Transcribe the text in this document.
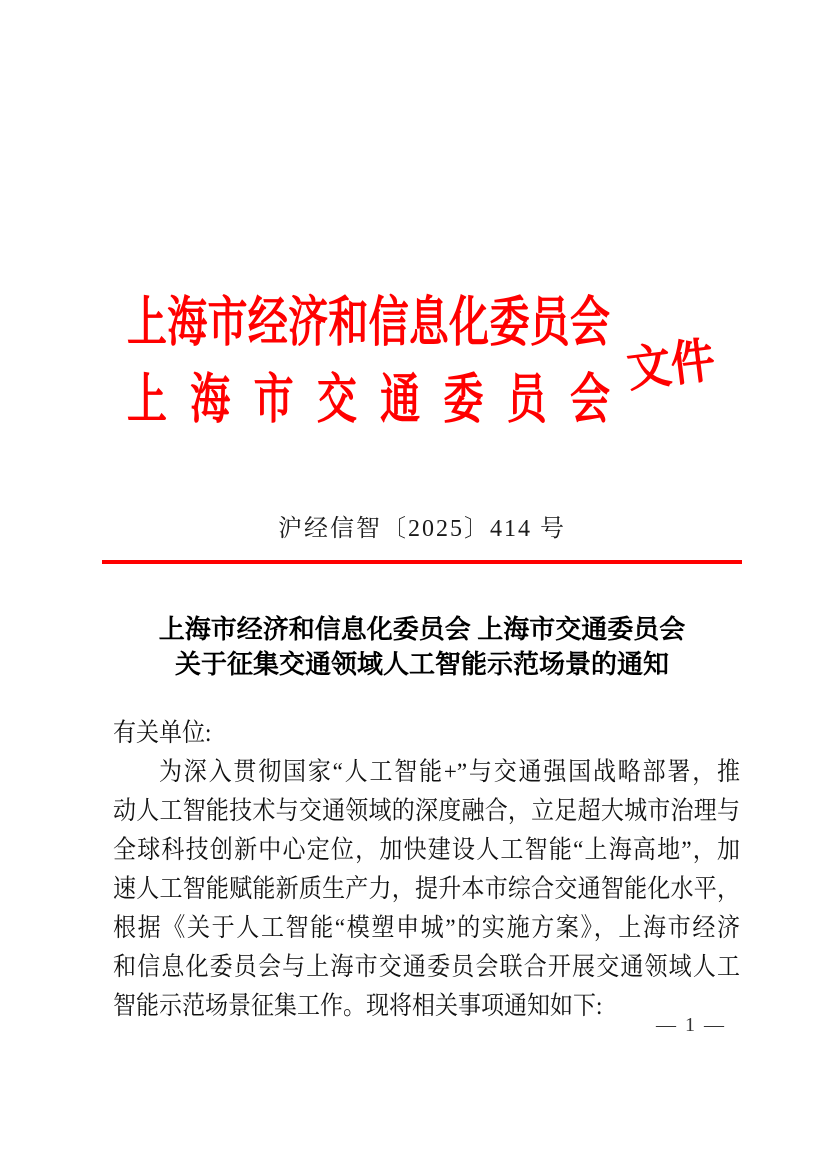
上海市经济和信息化委员会
上海市交通委员会
文件
沪经信智〔2025〕414 号
上海市经济和信息化委员会 上海市交通委员会
关于征集交通领域人工智能示范场景的通知
有关单位:
为深入贯彻国家“人工智能+”与交通强国战略部署，推
动人工智能技术与交通领域的深度融合，立足超大城市治理与
全球科技创新中心定位，加快建设人工智能“上海高地”，加
速人工智能赋能新质生产力，提升本市综合交通智能化水平，
根据《关于人工智能“模塑申城”的实施方案》，上海市经济
和信息化委员会与上海市交通委员会联合开展交通领域人工
智能示范场景征集工作。现将相关事项通知如下:
— 1 —
